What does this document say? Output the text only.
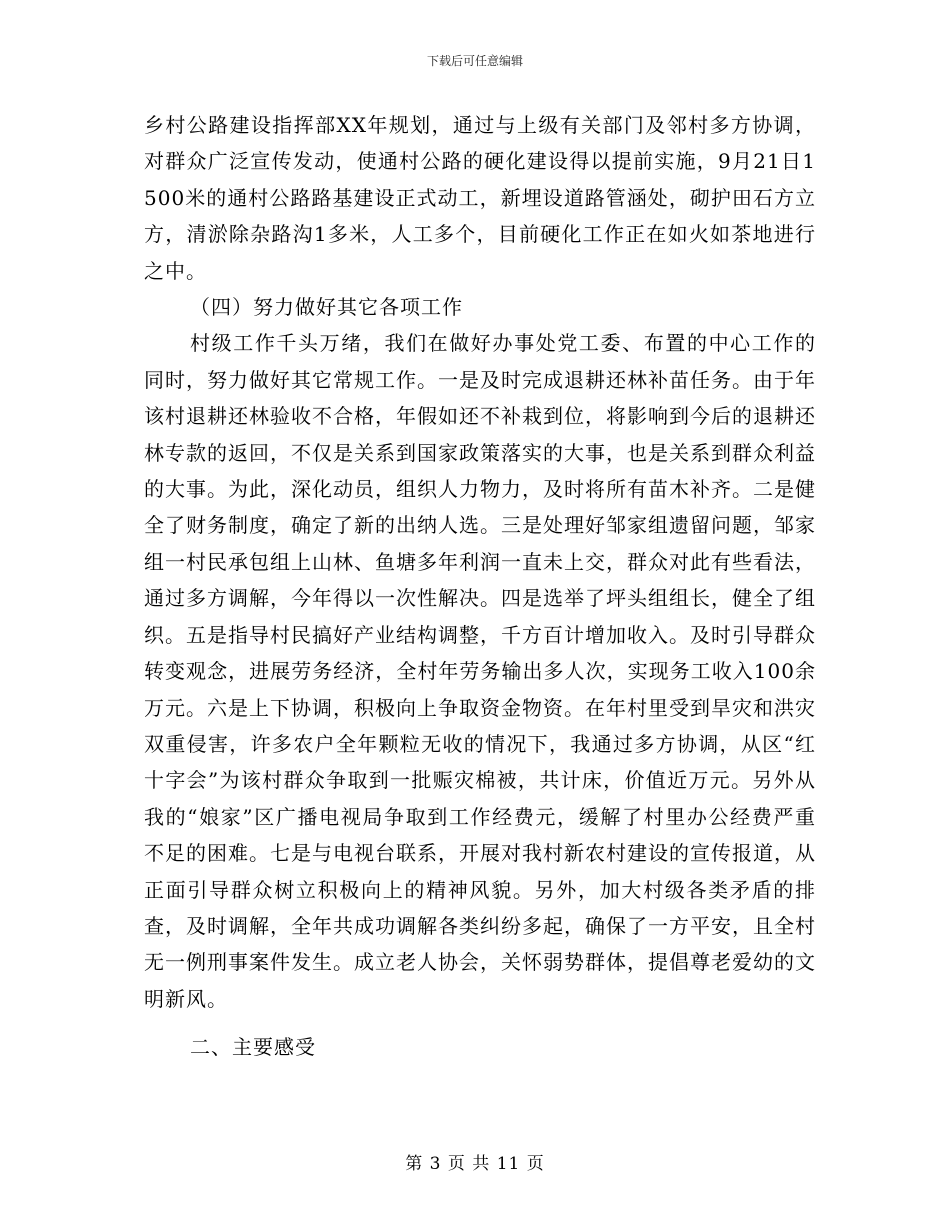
下载后可任意编辑

乡村公路建设指挥部XX年规划，通过与上级有关部门及邻村多方协调，对群众广泛宣传发动，使通村公路的硬化建设得以提前实施，9月21日1500米的通村公路路基建设正式动工，新埋设道路管涵处，砌护田石方立方，清淤除杂路沟1多米，人工多个，目前硬化工作正在如火如茶地进行之中。

（四）努力做好其它各项工作

村级工作千头万绪，我们在做好办事处党工委、布置的中心工作的同时，努力做好其它常规工作。一是及时完成退耕还林补苗任务。由于年该村退耕还林验收不合格，年假如还不补栽到位，将影响到今后的退耕还林专款的返回，不仅是关系到国家政策落实的大事，也是关系到群众利益的大事。为此，深化动员，组织人力物力，及时将所有苗木补齐。二是健全了财务制度，确定了新的出纳人选。三是处理好邹家组遗留问题，邹家组一村民承包组上山林、鱼塘多年利润一直未上交，群众对此有些看法，通过多方调解，今年得以一次性解决。四是选举了坪头组组长，健全了组织。五是指导村民搞好产业结构调整，千方百计增加收入。及时引导群众转变观念，进展劳务经济，全村年劳务输出多人次，实现务工收入100余万元。六是上下协调，积极向上争取资金物资。在年村里受到旱灾和洪灾双重侵害，许多农户全年颗粒无收的情况下，我通过多方协调，从区“红十字会”为该村群众争取到一批赈灾棉被，共计床，价值近万元。另外从我的“娘家”区广播电视局争取到工作经费元，缓解了村里办公经费严重不足的困难。七是与电视台联系，开展对我村新农村建设的宣传报道，从正面引导群众树立积极向上的精神风貌。另外，加大村级各类矛盾的排查，及时调解，全年共成功调解各类纠纷多起，确保了一方平安，且全村无一例刑事案件发生。成立老人协会，关怀弱势群体，提倡尊老爱幼的文明新风。

二、主要感受

第 3 页 共 11 页
